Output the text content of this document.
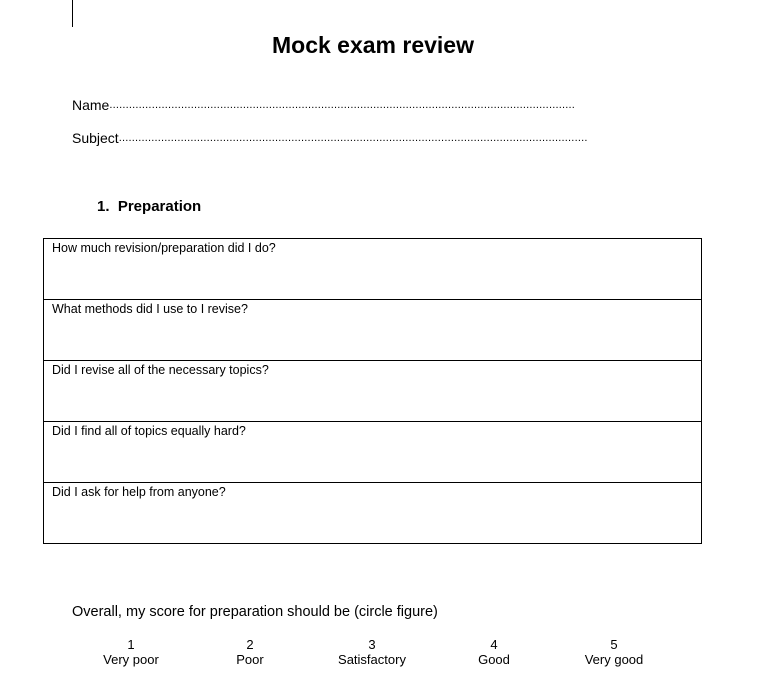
Mock exam review
Name ...............................................................................................................................................
Subject ................................................................................................................................................
1.  Preparation
How much revision/preparation did I do?

What methods did I use to I revise?

Did I revise all of the necessary topics?

Did I find all of topics equally hard?

Did I ask for help from anyone?
Overall, my score for preparation should be (circle figure)
1
Very poor
2
Poor
3
Satisfactory
4
Good
5
Very good
